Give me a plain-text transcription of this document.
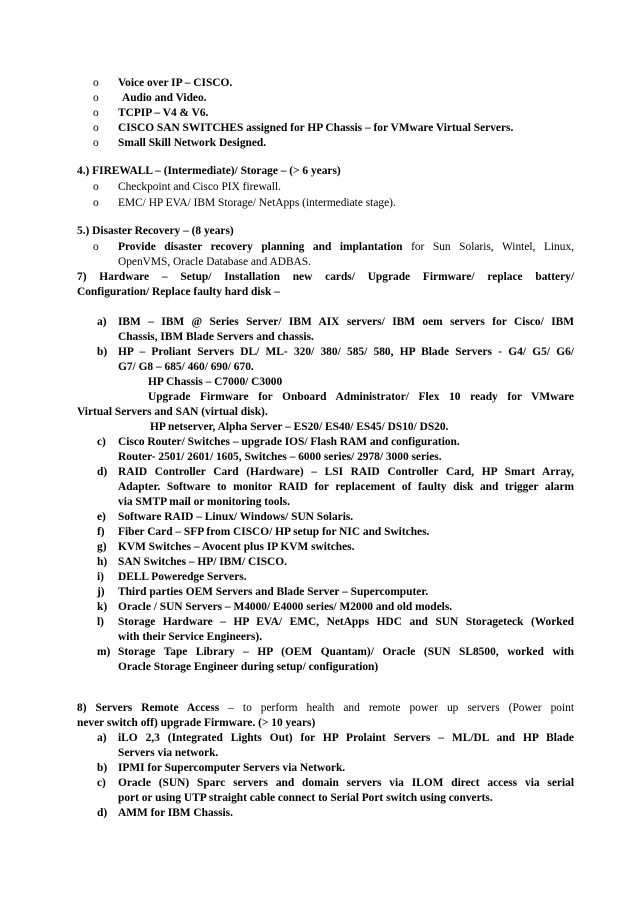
o	Voice over IP – CISCO.
o	Audio and Video.
o	TCPIP – V4 & V6.
o	CISCO SAN SWITCHES assigned for HP Chassis – for VMware Virtual Servers.
o	Small Skill Network Designed.
4.) FIREWALL – (Intermediate)/ Storage – (> 6 years)
o	Checkpoint and Cisco PIX firewall.
o	EMC/ HP EVA/ IBM Storage/ NetApps (intermediate stage).
5.) Disaster Recovery – (8 years)
o	Provide disaster recovery planning and implantation for Sun Solaris, Wintel, Linux,
OpenVMS, Oracle Database and ADBAS.
7) Hardware – Setup/ Installation new cards/ Upgrade Firmware/ replace battery/
Configuration/ Replace faulty hard disk –
a)	IBM – IBM @ Series Server/ IBM AIX servers/ IBM oem servers for Cisco/ IBM
Chassis, IBM Blade Servers and chassis.
b) HP – Proliant Servers DL/ ML- 320/ 380/ 585/ 580, HP Blade Servers - G4/ G5/ G6/
G7/ G8 – 685/ 460/ 690/ 670.
HP Chassis – C7000/ C3000
Upgrade Firmware for Onboard Administrator/ Flex 10 ready for VMware
Virtual Servers and SAN (virtual disk).
HP netserver, Alpha Server – ES20/ ES40/ ES45/ DS10/ DS20.
c)	Cisco Router/ Switches – upgrade IOS/ Flash RAM and configuration.
Router- 2501/ 2601/ 1605, Switches – 6000 series/ 2978/ 3000 series.
d) RAID Controller Card (Hardware) – LSI RAID Controller Card, HP Smart Array,
Adapter. Software to monitor RAID for replacement of faulty disk and trigger alarm
via SMTP mail or monitoring tools.
e)	Software RAID – Linux/ Windows/ SUN Solaris.
f)	Fiber Card – SFP from CISCO/ HP setup for NIC and Switches.
g)	KVM Switches – Avocent plus IP KVM switches.
h) SAN Switches – HP/ IBM/ CISCO.
i)	DELL Poweredge Servers.
j)	Third parties OEM Servers and Blade Server – Supercomputer.
k) Oracle / SUN Servers – M4000/ E4000 series/ M2000 and old models.
l)	Storage Hardware – HP EVA/ EMC, NetApps HDC and SUN Storageteck (Worked
with their Service Engineers).
m) Storage Tape Library – HP (OEM Quantam)/ Oracle (SUN SL8500, worked with
Oracle Storage Engineer during setup/ configuration)
8) Servers Remote Access – to perform health and remote power up servers (Power point
never switch off) upgrade Firmware. (> 10 years)
a)	iLO 2,3 (Integrated Lights Out) for HP Prolaint Servers – ML/DL and HP Blade
Servers via network.
b) IPMI for Supercomputer Servers via Network.
c)	Oracle (SUN) Sparc servers and domain servers via ILOM direct access via serial
port or using UTP straight cable connect to Serial Port switch using converts.
d) AMM for IBM Chassis.
